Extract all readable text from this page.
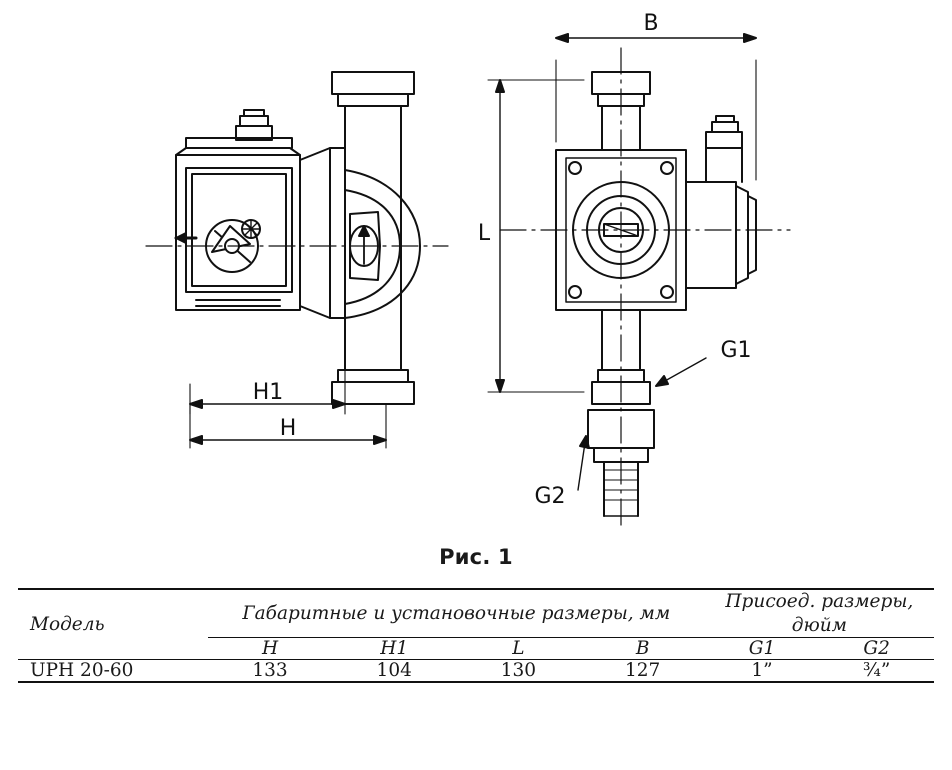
B
L
H1
H
G1
G2
Рис. 1

Модель	Габаритные и установочные размеры, мм				Присоед. размеры, дюйм	

	H	H1	L	B	G1	G2

UPH 20-60	133	104	130	127	1”	¾”
